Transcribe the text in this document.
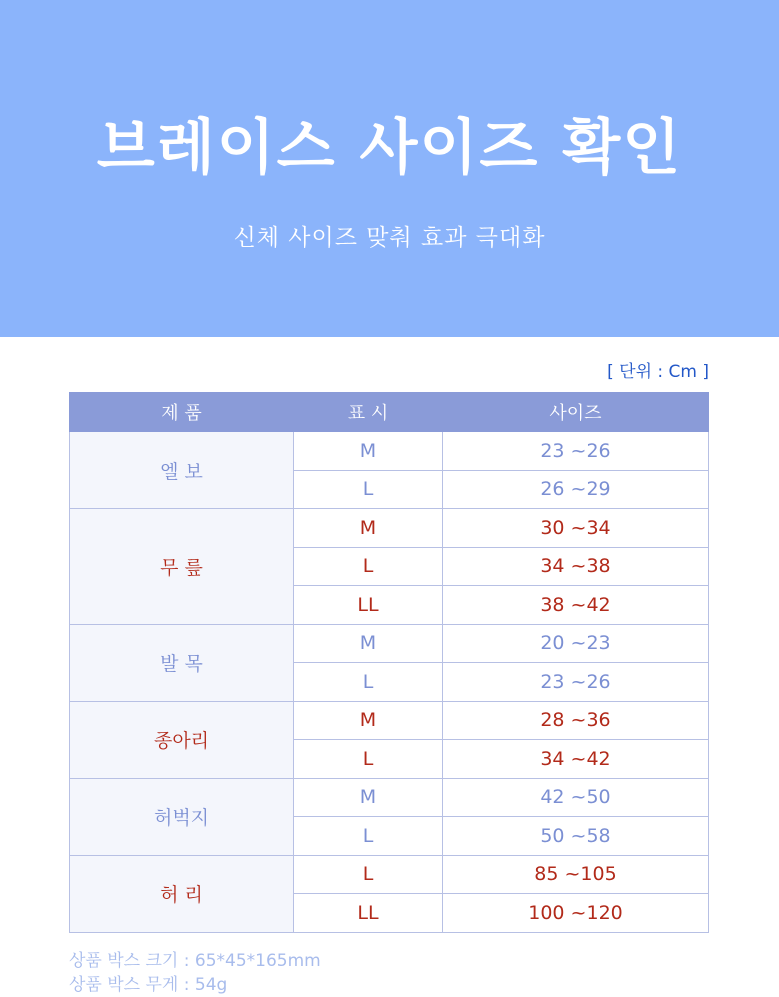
브레이스 사이즈 확인
신체 사이즈 맞춰 효과 극대화
[ 단위 : Cm ]
제 품	표 시	사이즈
엘 보	M	23 ~26
	L	26 ~29
무 릎	M	30 ~34
	L	34 ~38
	LL	38 ~42
발 목	M	20 ~23
	L	23 ~26
종아리	M	28 ~36
	L	34 ~42
허벅지	M	42 ~50
	L	50 ~58
허 리	L	85 ~105
	LL	100 ~120
상품 박스 크기 : 65*45*165mm
상품 박스 무게 : 54g
